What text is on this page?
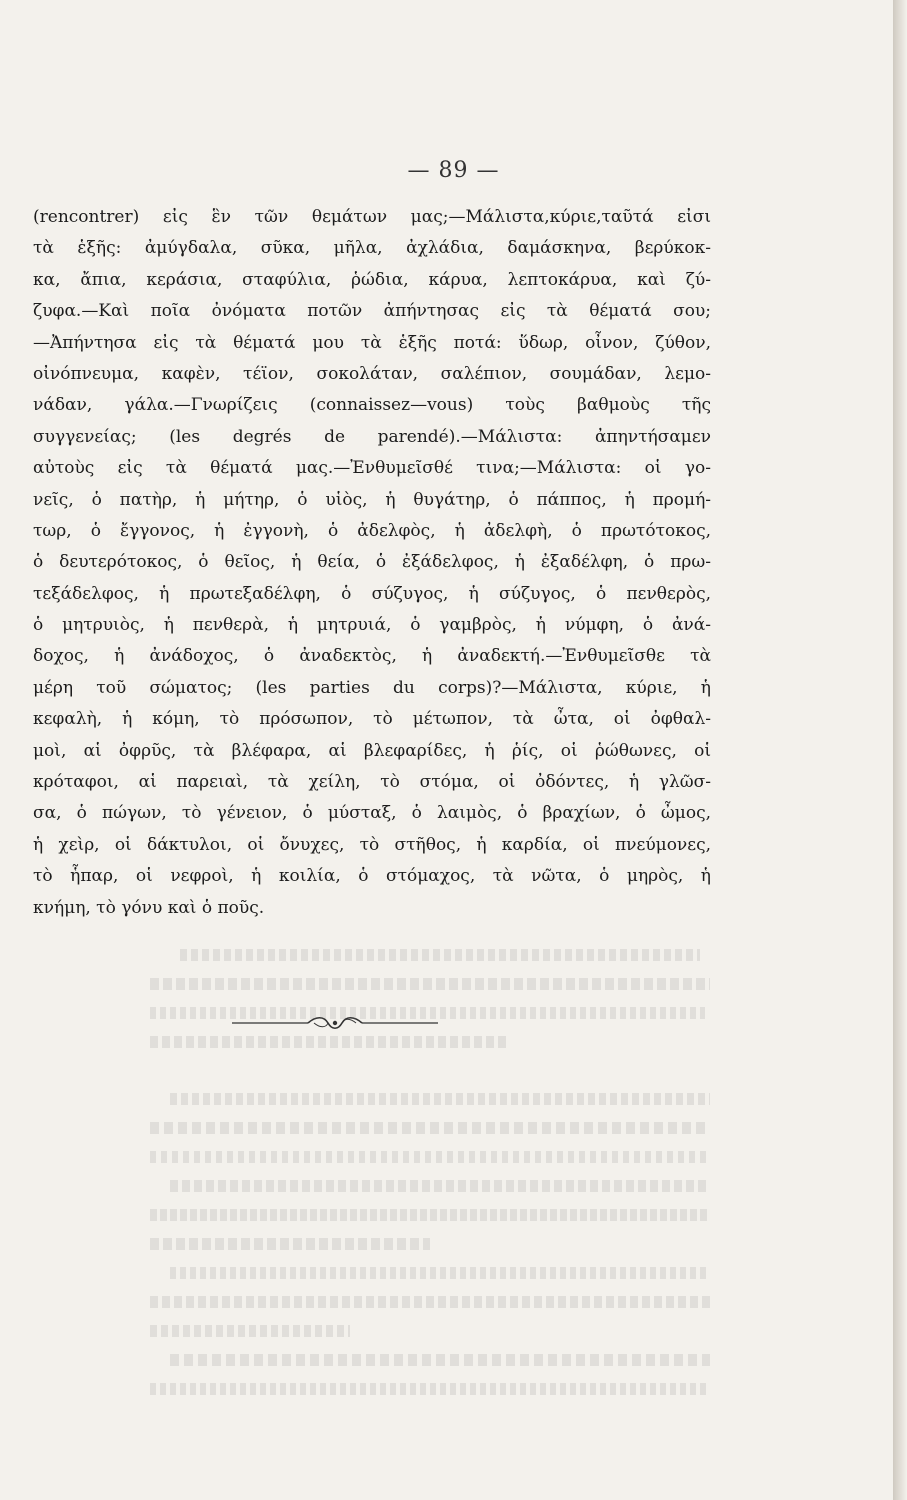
— 89 —
(rencontrer) εἰς ἓν τῶν θεμάτων μας;—Μάλιστα,κύριε,ταῦτά εἰσι
τὰ ἑξῆς: ἀμύγδαλα, σῦκα, μῆλα, ἀχλάδια, δαμάσκηνα, βερύκοκ-
κα, ἄπια, κεράσια, σταφύλια, ῥώδια, κάρυα, λεπτοκάρυα, καὶ ζύ-
ζυφα.—Καὶ ποῖα ὀνόματα ποτῶν ἀπήντησας εἰς τὰ θέματά σου;
—Ἀπήντησα εἰς τὰ θέματά μου τὰ ἑξῆς ποτά: ὕδωρ, οἶνον, ζύθον,
οἰνόπνευμα, καφὲν, τέϊον, σοκολάταν, σαλέπιον, σουμάδαν, λεμο-
νάδαν, γάλα.—Γνωρίζεις (connaissez—vous) τοὺς βαθμοὺς τῆς
συγγενείας; (les degrés de parendé).—Μάλιστα: ἀπηντήσαμεν
αὐτοὺς εἰς τὰ θέματά μας.—Ἐνθυμεῖσθέ τινα;—Μάλιστα: οἱ γο-
νεῖς, ὁ πατὴρ, ἡ μήτηρ, ὁ υἱὸς, ἡ θυγάτηρ, ὁ πάππος, ἡ προμή-
τωρ, ὁ ἔγγονος, ἡ ἐγγονὴ, ὁ ἀδελφὸς, ἡ ἀδελφὴ, ὁ πρωτότοκος,
ὁ δευτερότοκος, ὁ θεῖος, ἡ θεία, ὁ ἐξάδελφος, ἡ ἐξαδέλφη, ὁ πρω-
τεξάδελφος, ἡ πρωτεξαδέλφη, ὁ σύζυγος, ἡ σύζυγος, ὁ πενθερὸς,
ὁ μητρυιὸς, ἡ πενθερὰ, ἡ μητρυιά, ὁ γαμβρὸς, ἡ νύμφη, ὁ ἀνά-
δοχος, ἡ ἀνάδοχος, ὁ ἀναδεκτὸς, ἡ ἀναδεκτή.—Ἐνθυμεῖσθε τὰ
μέρη τοῦ σώματος; (les parties du corps)?—Μάλιστα, κύριε, ἡ
κεφαλὴ, ἡ κόμη, τὸ πρόσωπον, τὸ μέτωπον, τὰ ὦτα, οἱ ὀφθαλ-
μοὶ, αἱ ὀφρῦς, τὰ βλέφαρα, αἱ βλεφαρίδες, ἡ ῥίς, οἱ ῥώθωνες, οἱ
κρόταφοι, αἱ παρειαὶ, τὰ χείλη, τὸ στόμα, οἱ ὀδόντες, ἡ γλῶσ-
σα, ὁ πώγων, τὸ γένειον, ὁ μύσταξ, ὁ λαιμὸς, ὁ βραχίων, ὁ ὦμος,
ἡ χεὶρ, οἱ δάκτυλοι, οἱ ὄνυχες, τὸ στῆθος, ἡ καρδία, οἱ πνεύμονες,
τὸ ἧπαρ, οἱ νεφροὶ, ἡ κοιλία, ὁ στόμαχος, τὰ νῶτα, ὁ μηρὸς, ἡ
κνήμη, τὸ γόνυ καὶ ὁ ποῦς.
